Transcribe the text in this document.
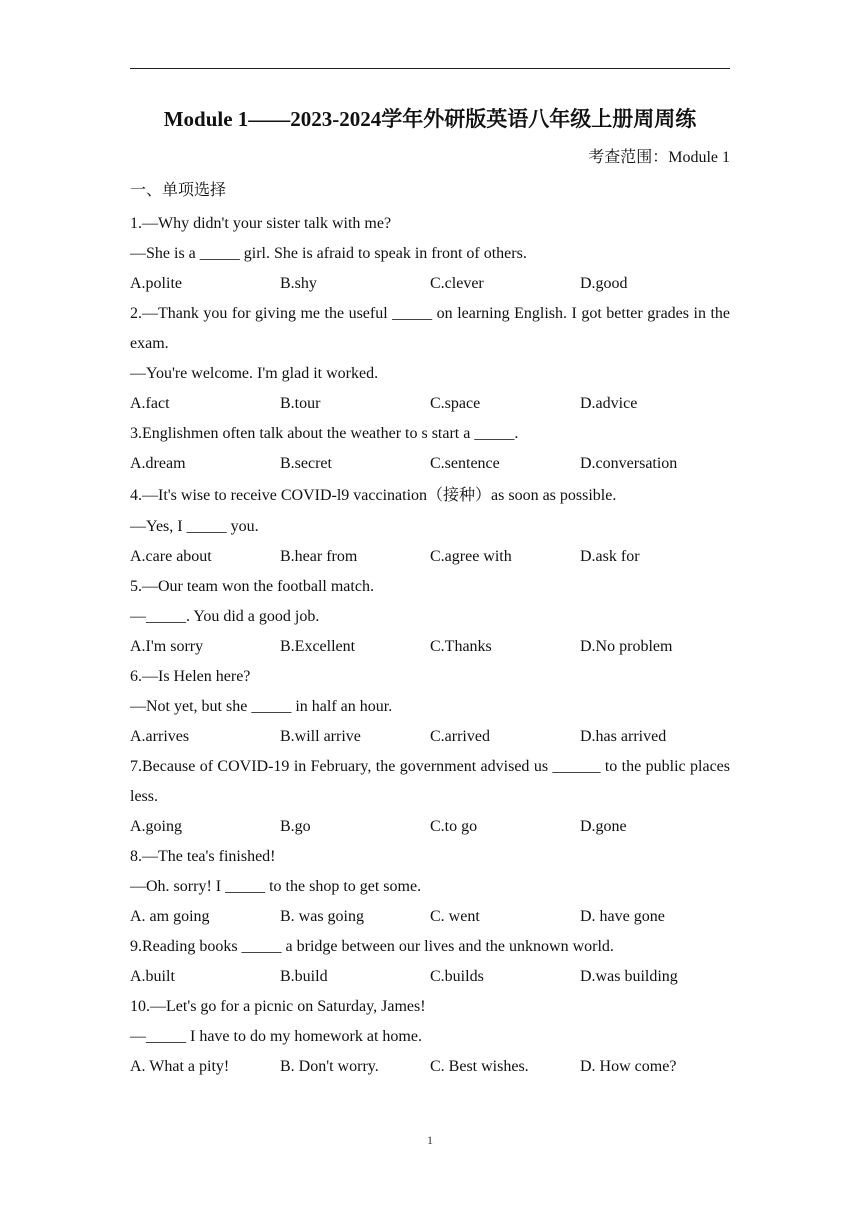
Module 1——2023-2024学年外研版英语八年级上册周周练
考查范围：Module 1
一、单项选择
1.—Why didn't your sister talk with me?
—She is a _____ girl. She is afraid to speak in front of others.
A.polite	B.shy	C.clever	D.good
2.—Thank you for giving me the useful _____ on learning English. I got better grades in the exam.
—You're welcome. I'm glad it worked.
A.fact	B.tour	C.space	D.advice
3.Englishmen often talk about the weather to s start a _____.
A.dream	B.secret	C.sentence	D.conversation
4.—It's wise to receive COVID-l9 vaccination（接种）as soon as possible.
—Yes, I _____ you.
A.care about	B.hear from	C.agree with	D.ask for
5.—Our team won the football match.
—_____. You did a good job.
A.I'm sorry	B.Excellent	C.Thanks	D.No problem
6.—Is Helen here?
—Not yet, but she _____ in half an hour.
A.arrives	B.will arrive	C.arrived	D.has arrived
7.Because of COVID-19 in February, the government advised us ______ to the public places less.
A.going	B.go	C.to go	D.gone
8.—The tea's finished!
—Oh. sorry! I _____ to the shop to get some.
A. am going	B. was going	C. went	D. have gone
9.Reading books _____ a bridge between our lives and the unknown world.
A.built	B.build	C.builds	D.was building
10.—Let's go for a picnic on Saturday, James!
—_____ I have to do my homework at home.
A. What a pity!	B. Don't worry.	C. Best wishes.	D. How come?
1
